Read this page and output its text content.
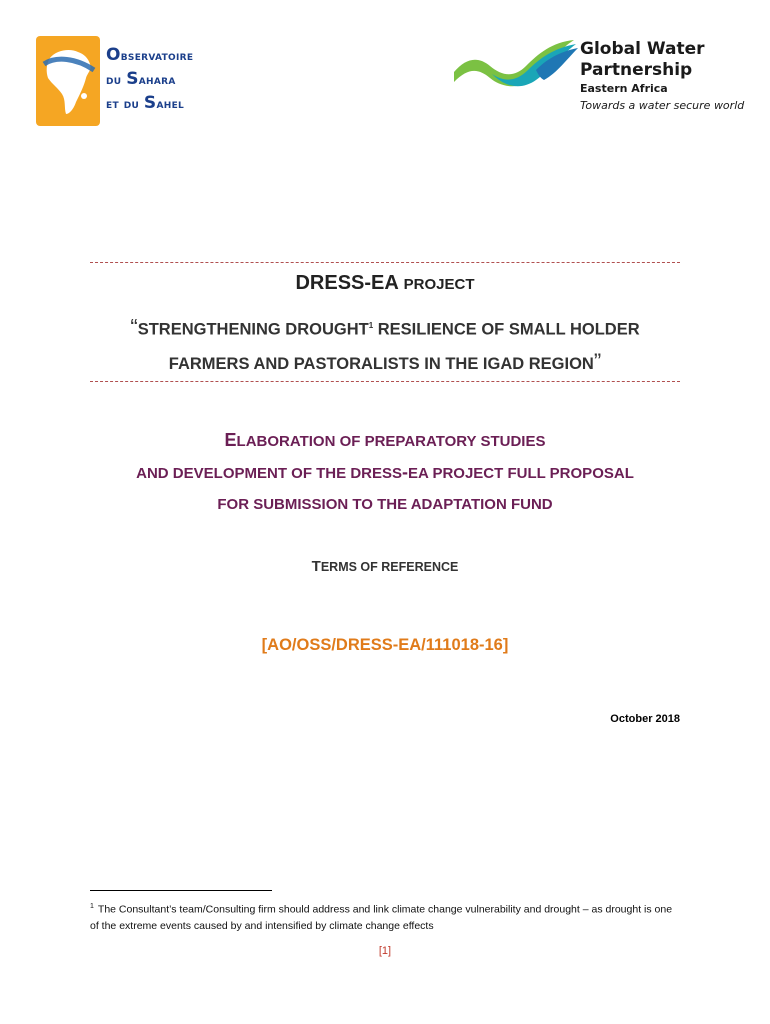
Observatoire
du Sahara
et du Sahel
Global Water
Partnership
Eastern Africa
Towards a water secure world
DRESS-EA PROJECT
“STRENGTHENING DROUGHT$^1$ RESILIENCE OF SMALL HOLDER
FARMERS AND PASTORALISTS IN THE IGAD REGION”
ELABORATION OF PREPARATORY STUDIES
AND DEVELOPMENT OF THE DRESS-EA PROJECT FULL PROPOSAL
FOR SUBMISSION TO THE ADAPTATION FUND
TERMS OF REFERENCE
[AO/OSS/DRESS-EA/111018-16]
October 2018
$^1$ The Consultant’s team/Consulting firm should address and link climate change vulnerability and drought – as drought is one of the extreme events caused by and intensified by climate change effects
[1]
